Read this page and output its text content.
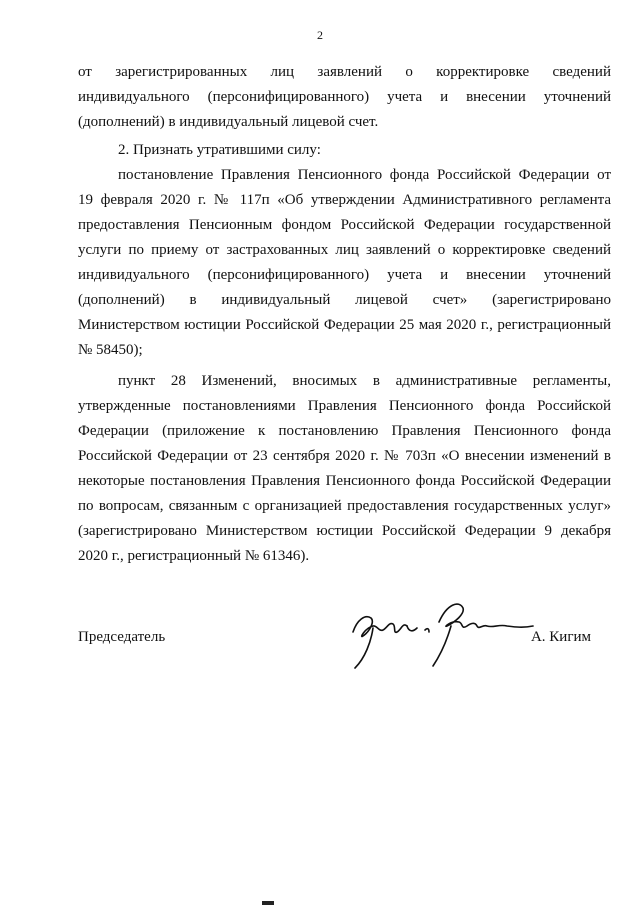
2
от зарегистрированных лиц заявлений о корректировке сведений
индивидуального (персонифицированного) учета и внесении уточнений
(дополнений) в индивидуальный лицевой счет.
2. Признать утратившими силу:
постановление Правления Пенсионного фонда Российской Федерации от
19 февраля 2020 г. № 117п «Об утверждении Административного регламента
предоставления Пенсионным фондом Российской Федерации государственной
услуги по приему от застрахованных лиц заявлений о корректировке сведений
индивидуального (персонифицированного) учета и внесении уточнений
(дополнений) в индивидуальный лицевой счет» (зарегистрировано
Министерством юстиции Российской Федерации 25 мая 2020 г., регистрационный
№ 58450);
пункт 28 Изменений, вносимых в административные регламенты,
утвержденные постановлениями Правления Пенсионного фонда Российской
Федерации (приложение к постановлению Правления Пенсионного фонда
Российской Федерации от 23 сентября 2020 г. № 703п «О внесении изменений в
некоторые постановления Правления Пенсионного фонда Российской Федерации
по вопросам, связанным с организацией предоставления государственных услуг»
(зарегистрировано Министерством юстиции Российской Федерации 9 декабря
2020 г., регистрационный № 61346).
Председатель	А. Кигим
